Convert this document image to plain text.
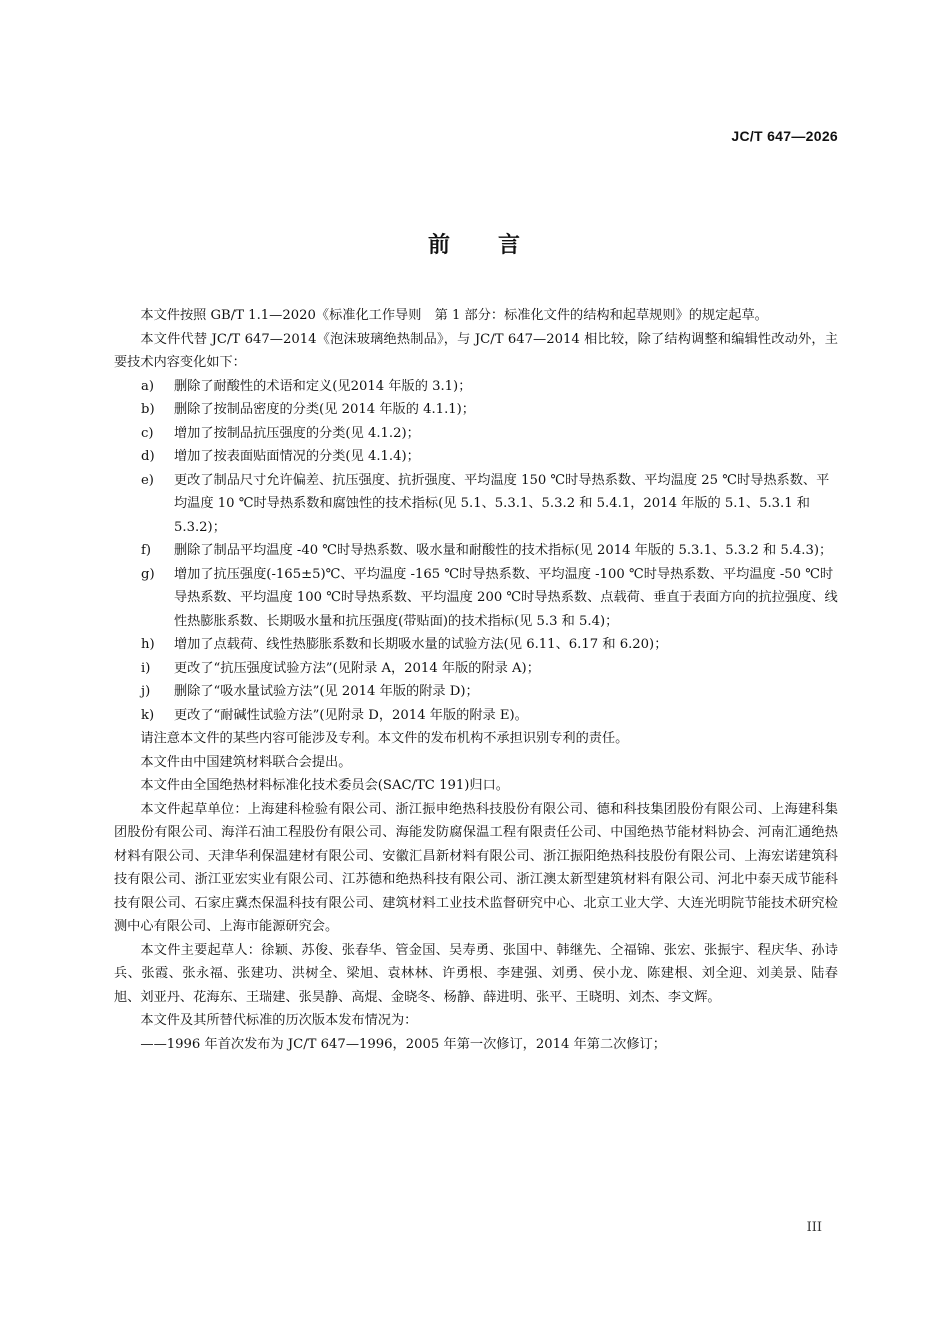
JC/T 647—2026
前 言

本文件按照 GB/T 1.1—2020《标准化工作导则　第 1 部分：标准化文件的结构和起草规则》的规定起草。

本文件代替 JC/T 647—2014《泡沫玻璃绝热制品》，与 JC/T 647—2014 相比较，除了结构调整和编辑性改动外，主要技术内容变化如下：

a) 删除了耐酸性的术语和定义(见2014 年版的 3.1)；
b) 删除了按制品密度的分类(见 2014 年版的 4.1.1)；
c) 增加了按制品抗压强度的分类(见 4.1.2)；
d) 增加了按表面贴面情况的分类(见 4.1.4)；
e) 更改了制品尺寸允许偏差、抗压强度、抗折强度、平均温度 150 ℃时导热系数、平均温度 25 ℃时导热系数、平均温度 10 ℃时导热系数和腐蚀性的技术指标(见 5.1、5.3.1、5.3.2 和 5.4.1，2014 年版的 5.1、5.3.1 和 5.3.2)；
f) 删除了制品平均温度 -40 ℃时导热系数、吸水量和耐酸性的技术指标(见 2014 年版的 5.3.1、5.3.2 和 5.4.3)；
g) 增加了抗压强度(-165±5)℃、平均温度 -165 ℃时导热系数、平均温度 -100 ℃时导热系数、平均温度 -50 ℃时导热系数、平均温度 100 ℃时导热系数、平均温度 200 ℃时导热系数、点载荷、垂直于表面方向的抗拉强度、线性热膨胀系数、长期吸水量和抗压强度(带贴面)的技术指标(见 5.3 和 5.4)；
h) 增加了点载荷、线性热膨胀系数和长期吸水量的试验方法(见 6.11、6.17 和 6.20)；
i) 更改了“抗压强度试验方法”(见附录 A，2014 年版的附录 A)；
j) 删除了“吸水量试验方法”(见 2014 年版的附录 D)；
k) 更改了“耐碱性试验方法”(见附录 D，2014 年版的附录 E)。

请注意本文件的某些内容可能涉及专利。本文件的发布机构不承担识别专利的责任。

本文件由中国建筑材料联合会提出。

本文件由全国绝热材料标准化技术委员会(SAC/TC 191)归口。

本文件起草单位：上海建科检验有限公司、浙江振申绝热科技股份有限公司、德和科技集团股份有限公司、上海建科集团股份有限公司、海洋石油工程股份有限公司、海能发防腐保温工程有限责任公司、中国绝热节能材料协会、河南汇通绝热材料有限公司、天津华利保温建材有限公司、安徽汇昌新材料有限公司、浙江振阳绝热科技股份有限公司、上海宏诺建筑科技有限公司、浙江亚宏实业有限公司、江苏德和绝热科技有限公司、浙江澳太新型建筑材料有限公司、河北中泰天成节能科技有限公司、石家庄冀杰保温科技有限公司、建筑材料工业技术监督研究中心、北京工业大学、大连光明院节能技术研究检测中心有限公司、上海市能源研究会。

本文件主要起草人：徐颖、苏俊、张春华、管金国、吴寿勇、张国中、韩继先、仝福锦、张宏、张振宇、程庆华、孙诗兵、张霞、张永福、张建功、洪树全、梁旭、袁林林、许勇根、李建强、刘勇、侯小龙、陈建根、刘全迎、刘美景、陆春旭、刘亚丹、花海东、王瑞建、张昊静、高焜、金晓冬、杨静、薛进明、张平、王晓明、刘杰、李文辉。

本文件及其所替代标准的历次版本发布情况为：

——1996 年首次发布为 JC/T 647—1996，2005 年第一次修订，2014 年第二次修订；

III
